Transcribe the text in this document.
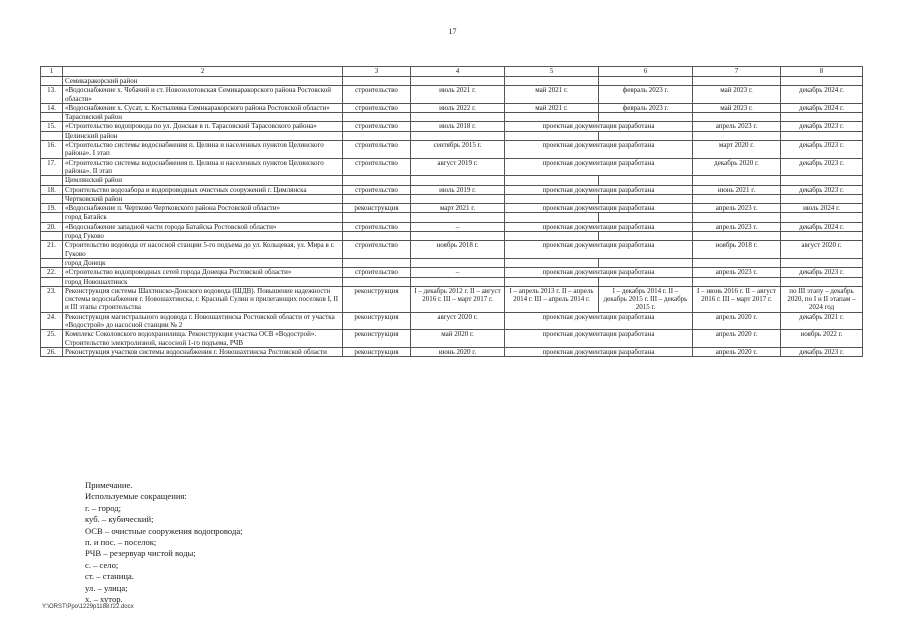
17
1	2	3	4	5	6	7	8
	Семикаракорский район						
13.	«Водоснабжение х. Чебачий и ст. Новозолотовская Семикаракорского района Ростовской области»	строительство	июль 2021 г.	май 2021 г.	февраль 2023 г.	май 2023 г.	декабрь 2024 г.
14.	«Водоснабжение х. Сусат, х. Костылевка Семикаракорского района Ростовской области»	строительство	июль 2022 г.	май 2021 г.	февраль 2023 г.	май 2023 г.	декабрь 2024 г.
	Тарасовский район						
15.	«Строительство водопровода по ул. Донская в п. Тарасовский Тарасовского района»	строительство	июль 2018 г.	проектная документация разработана		апрель 2023 г.	декабрь 2023 г.
	Целинский район						
16.	«Строительство системы водоснабжения п. Целина и населенных пунктов Целинского района». I этап	строительство	сентябрь 2015 г.	проектная документация разработана		март 2020 г.	декабрь 2023 г.
17.	«Строительство системы водоснабжения п. Целина и населенных пунктов Целинского района». II этап	строительство	август 2019 г.	проектная документация разработана		декабрь 2020 г.	декабрь 2023 г.
	Цимлянский район						
18.	Строительство водозабора и водопроводных очистных сооружений г. Цимлянска	строительство	июль 2019 г.	проектная документация разработана		июнь 2021 г.	декабрь 2023 г.
	Чертковский район						
19.	«Водоснабжение п. Чертково Чертковского района Ростовской области»	реконструкция	март 2021 г.	проектная документация разработана		апрель 2023 г.	июль 2024 г.
	город Батайск						
20.	«Водоснабжение западной части города Батайска Ростовской области»	строительство	–	проектная документация разработана		апрель 2023 г.	декабрь 2024 г.
	город Гуково						
21.	Строительство водовода от насосной станции 5-го подъема до ул. Кольцевая, ул. Мира в г. Гуково	строительство	ноябрь 2018 г.	проектная документация разработана		ноябрь 2018 г.	август 2020 г.
	город Донецк						
22.	«Строительство водопроводных сетей города Донецка Ростовской области»	строительство	–	проектная документация разработана		апрель 2023 г.	декабрь 2023 г.
	город Новошахтинск						
23.	Реконструкция системы Шахтинско-Донского водовода (ШДВ). Повышение надежности системы водоснабжения г. Новошахтинска, г. Красный Сулин и прилегающих поселков I, II и III этапы строительства	реконструкция	I – декабрь 2012 г. II – август 2016 г. III – март 2017 г.	I – апрель 2013 г. II – апрель 2014 г. III – апрель 2014 г.	I – декабрь 2014 г. II – декабрь 2015 г. III – декабрь 2015 г.	I – июнь 2016 г. II – август 2016 г. III – март 2017 г.	по III этапу – декабрь 2020, по I и II этапам – 2024 год
24.	Реконструкция магистрального водовода г. Новошахтинска Ростовской области от участка «Водострой» до насосной станции № 2	реконструкция	август 2020 г.	проектная документация разработана		апрель 2020 г.	декабрь 2021 г.
25.	Комплекс Соколовского водохранилища. Реконструкция участка ОСВ «Водострой». Строительство электролизной, насосной 1-го подъема, РЧВ	реконструкция	май 2020 г.	проектная документация разработана		апрель 2020 г.	ноябрь 2022 г.
26.	Реконструкция участков системы водоснабжения г. Новошахтинска Ростовской области	реконструкция	июнь 2020 г.	проектная документация разработана		апрель 2020 г.	декабрь 2023 г.
Примечание.
Используемые сокращения:
г. – город;
куб. – кубический;
ОСВ – очистные сооружения водопровода;
п. и пос. – поселок;
РЧВ – резервуар чистой воды;
с. – село;
ст. – станица.
ул. – улица;
х. – хутор.
Y:\ORST\Ppo\1229p1188.f22.docx
